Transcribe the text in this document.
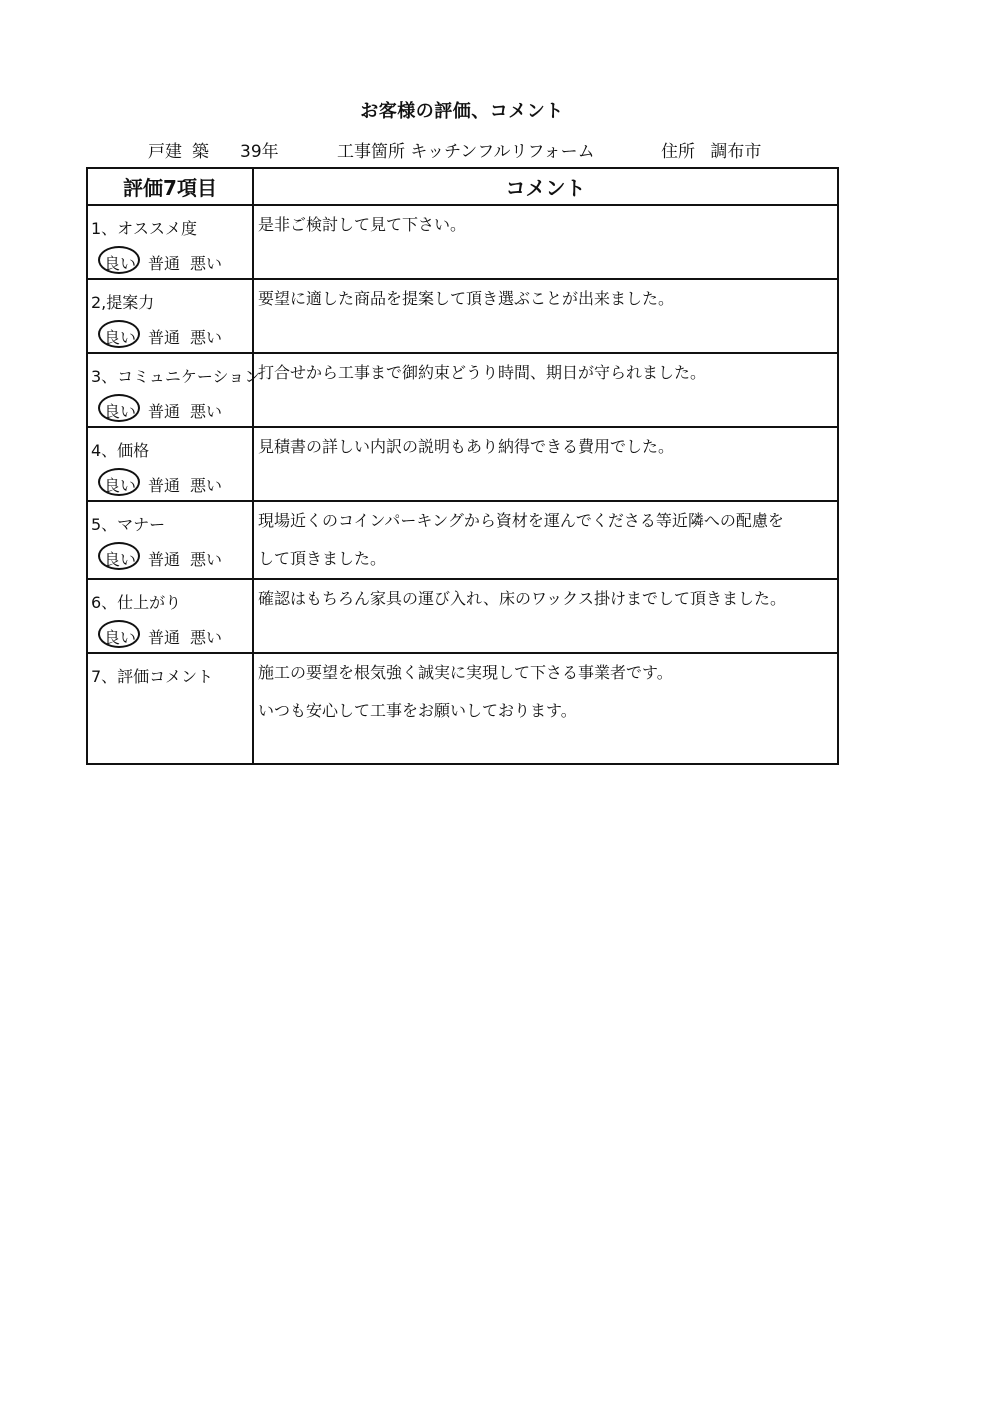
お客様の評価、コメント
戸建 築 39年	工事箇所 キッチンフルリフォーム	住所 調布市
評価7項目	コメント

1、オススメ度
良い 普通 悪い	是非ご検討して見て下さい。

2,提案力
良い 普通 悪い	要望に適した商品を提案して頂き選ぶことが出来ました。

3、コミュニケーション
良い 普通 悪い	打合せから工事まで御約束どうり時間、期日が守られました。

4、価格
良い 普通 悪い	見積書の詳しい内訳の説明もあり納得できる費用でした。

5、マナー
良い 普通 悪い	現場近くのコインパーキングから資材を運んでくださる等近隣への配慮を
して頂きました。

6、仕上がり
良い 普通 悪い	確認はもちろん家具の運び入れ、床のワックス掛けまでして頂きました。

7、評価コメント	施工の要望を根気強く誠実に実現して下さる事業者です。
いつも安心して工事をお願いしております。
